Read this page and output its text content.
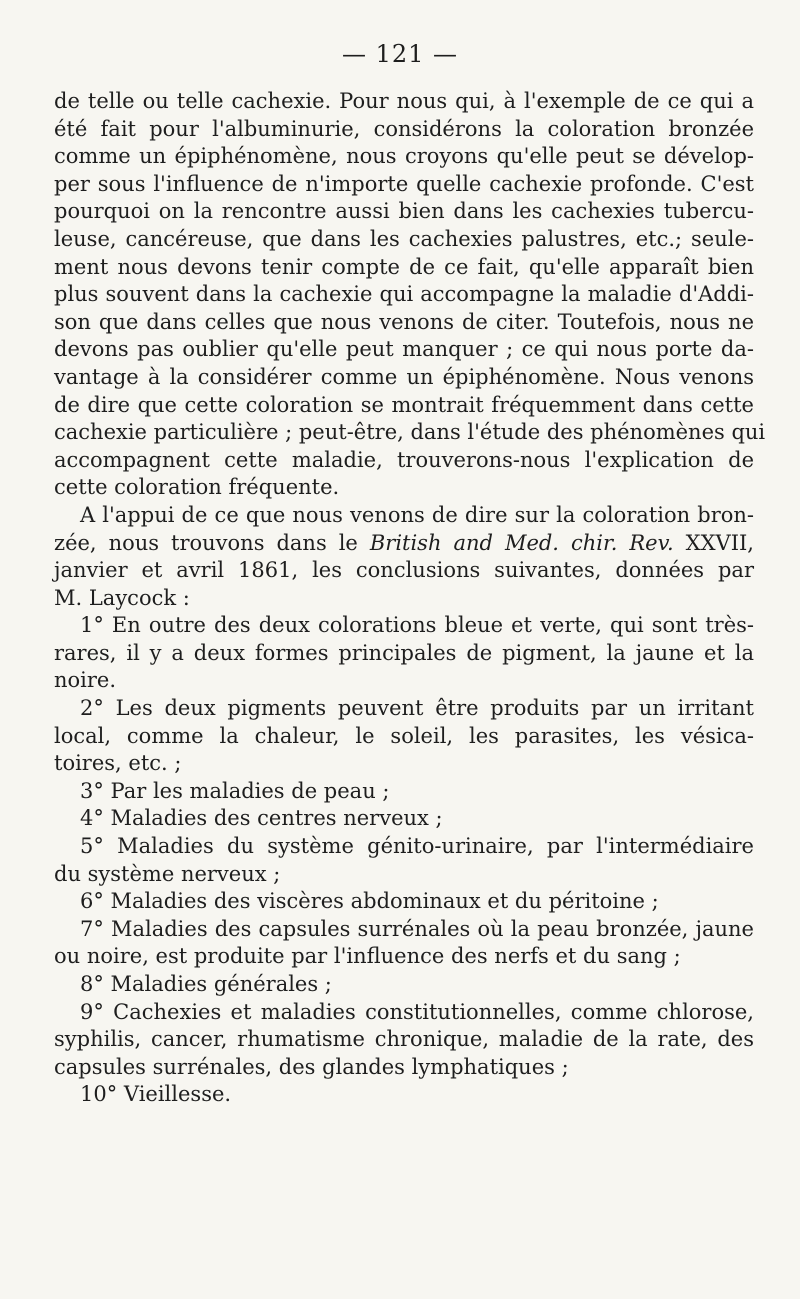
— 121 —
de telle ou telle cachexie. Pour nous qui, à l'exemple de ce qui a
été fait pour l'albuminurie, considérons la coloration bronzée
comme un épiphénomène, nous croyons qu'elle peut se dévelop-
per sous l'influence de n'importe quelle cachexie profonde. C'est
pourquoi on la rencontre aussi bien dans les cachexies tubercu-
leuse, cancéreuse, que dans les cachexies palustres, etc.; seule-
ment nous devons tenir compte de ce fait, qu'elle apparaît bien
plus souvent dans la cachexie qui accompagne la maladie d'Addi-
son que dans celles que nous venons de citer. Toutefois, nous ne
devons pas oublier qu'elle peut manquer ; ce qui nous porte da-
vantage à la considérer comme un épiphénomène. Nous venons
de dire que cette coloration se montrait fréquemment dans cette
cachexie particulière ; peut-être, dans l'étude des phénomènes qui
accompagnent cette maladie, trouverons-nous l'explication de
cette coloration fréquente.
A l'appui de ce que nous venons de dire sur la coloration bron-
zée, nous trouvons dans le British and Med. chir. Rev. XXVII,
janvier et avril 1861, les conclusions suivantes, données par
M. Laycock :
1° En outre des deux colorations bleue et verte, qui sont très-
rares, il y a deux formes principales de pigment, la jaune et la
noire.
2° Les deux pigments peuvent être produits par un irritant
local, comme la chaleur, le soleil, les parasites, les vésica-
toires, etc. ;
3° Par les maladies de peau ;
4° Maladies des centres nerveux ;
5° Maladies du système génito-urinaire, par l'intermédiaire
du système nerveux ;
6° Maladies des viscères abdominaux et du péritoine ;
7° Maladies des capsules surrénales où la peau bronzée, jaune
ou noire, est produite par l'influence des nerfs et du sang ;
8° Maladies générales ;
9° Cachexies et maladies constitutionnelles, comme chlorose,
syphilis, cancer, rhumatisme chronique, maladie de la rate, des
capsules surrénales, des glandes lymphatiques ;
10° Vieillesse.
